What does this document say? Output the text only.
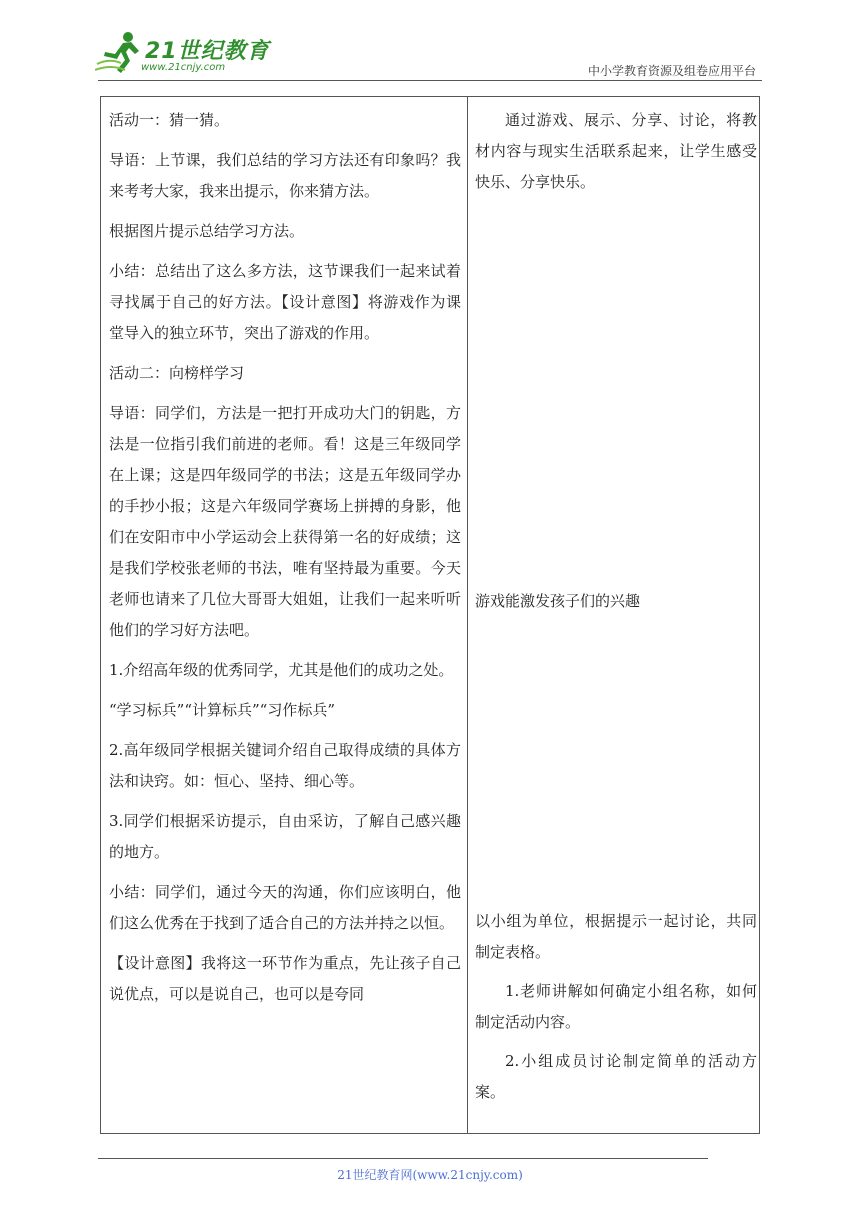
21世纪教育
www.21cnjy.com	中小学教育资源及组卷应用平台

活动一：猜一猜。

导语：上节课，我们总结的学习方法还有印象吗？我来考考大家，我来出提示，你来猜方法。

根据图片提示总结学习方法。

小结：总结出了这么多方法，这节课我们一起来试着寻找属于自己的好方法。【设计意图】将游戏作为课堂导入的独立环节，突出了游戏的作用。

活动二：向榜样学习

导语：同学们，方法是一把打开成功大门的钥匙，方法是一位指引我们前进的老师。看！这是三年级同学在上课；这是四年级同学的书法；这是五年级同学办的手抄小报；这是六年级同学赛场上拼搏的身影，他们在安阳市中小学运动会上获得第一名的好成绩；这是我们学校张老师的书法，唯有坚持最为重要。今天老师也请来了几位大哥哥大姐姐，让我们一起来听听他们的学习好方法吧。

1.介绍高年级的优秀同学，尤其是他们的成功之处。

“学习标兵”“计算标兵”“习作标兵”

2.高年级同学根据关键词介绍自己取得成绩的具体方法和诀窍。如：恒心、坚持、细心等。

3.同学们根据采访提示，自由采访，了解自己感兴趣的地方。

小结：同学们，通过今天的沟通，你们应该明白，他们这么优秀在于找到了适合自己的方法并持之以恒。

【设计意图】我将这一环节作为重点，先让孩子自己说优点，可以是说自己，也可以是夸同

通过游戏、展示、分享、讨论，将教材内容与现实生活联系起来，让学生感受快乐、分享快乐。

游戏能激发孩子们的兴趣

以小组为单位，根据提示一起讨论，共同制定表格。

1.老师讲解如何确定小组名称，如何制定活动内容。

2.小组成员讨论制定简单的活动方案。

21世纪教育网(www.21cnjy.com)
